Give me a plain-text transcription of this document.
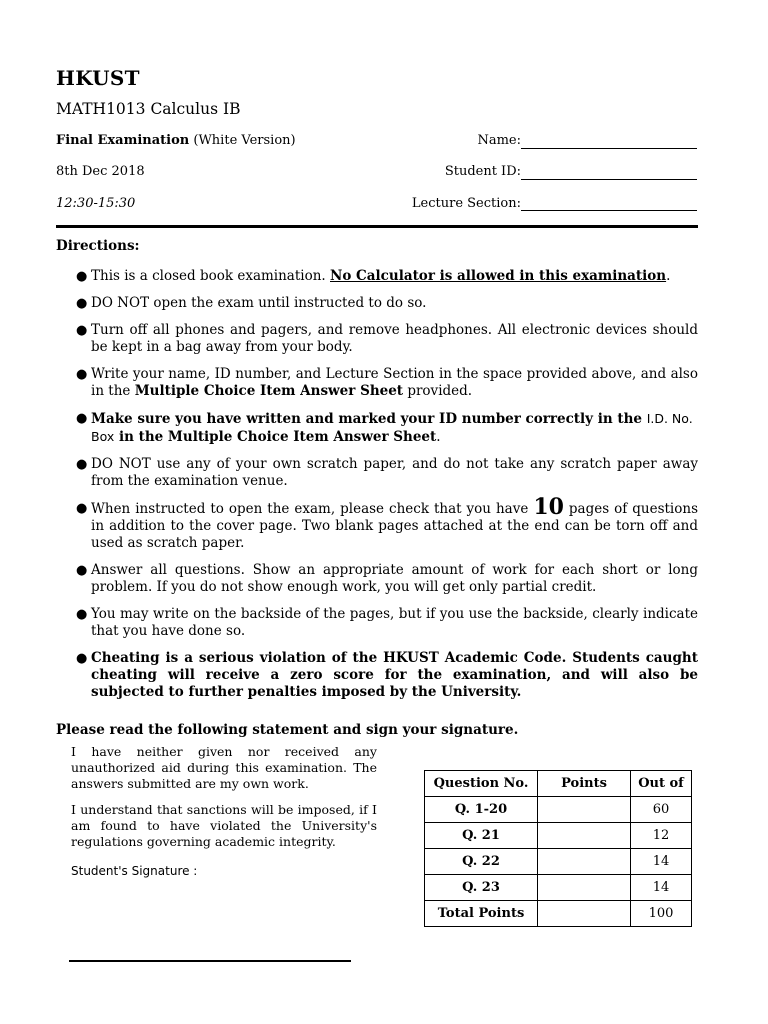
HKUST
MATH1013 Calculus IB
Final Examination (White Version)
8th Dec 2018
12:30-15:30
Name:
Student ID:
Lecture Section:
Directions:
● This is a closed book examination. No Calculator is allowed in this examination.
● DO NOT open the exam until instructed to do so.
● Turn off all phones and pagers, and remove headphones. All electronic devices should be kept in a bag away from your body.
● Write your name, ID number, and Lecture Section in the space provided above, and also in the Multiple Choice Item Answer Sheet provided.
● Make sure you have written and marked your ID number correctly in the I.D. No. Box in the Multiple Choice Item Answer Sheet.
● DO NOT use any of your own scratch paper, and do not take any scratch paper away from the examination venue.
● When instructed to open the exam, please check that you have 10 pages of questions in addition to the cover page. Two blank pages attached at the end can be torn off and used as scratch paper.
● Answer all questions. Show an appropriate amount of work for each short or long problem. If you do not show enough work, you will get only partial credit.
● You may write on the backside of the pages, but if you use the backside, clearly indicate that you have done so.
● Cheating is a serious violation of the HKUST Academic Code. Students caught cheating will receive a zero score for the examination, and will also be subjected to further penalties imposed by the University.
Please read the following statement and sign your signature.
I have neither given nor received any unauthorized aid during this examination. The answers submitted are my own work.
I understand that sanctions will be imposed, if I am found to have violated the University's regulations governing academic integrity.
Student's Signature :
Question No.	Points	Out of
Q. 1-20		60
Q. 21		12
Q. 22		14
Q. 23		14
Total Points		100
